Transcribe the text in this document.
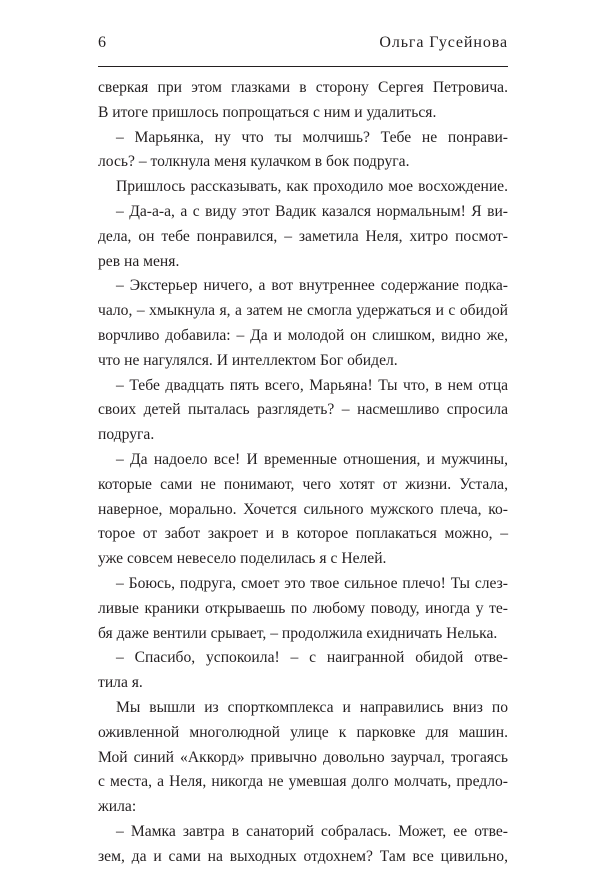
6	Ольга Гусейнова
сверкая при этом глазками в сторону Сергея Петровича.
В итоге пришлось попрощаться с ним и удалиться.
– Марьянка, ну что ты молчишь? Тебе не понрави-
лось? – толкнула меня кулачком в бок подруга.
Пришлось рассказывать, как проходило мое восхождение.
– Да-а-а, а с виду этот Вадик казался нормальным! Я ви-
дела, он тебе понравился, – заметила Неля, хитро посмот-
рев на меня.
– Экстерьер ничего, а вот внутреннее содержание подка-
чало, – хмыкнула я, а затем не смогла удержаться и с обидой
ворчливо добавила: – Да и молодой он слишком, видно же,
что не нагулялся. И интеллектом Бог обидел.
– Тебе двадцать пять всего, Марьяна! Ты что, в нем отца
своих детей пыталась разглядеть? – насмешливо спросила
подруга.
– Да надоело все! И временные отношения, и мужчины,
которые сами не понимают, чего хотят от жизни. Устала,
наверное, морально. Хочется сильного мужского плеча, ко-
торое от забот закроет и в которое поплакаться можно, –
уже совсем невесело поделилась я с Нелей.
– Боюсь, подруга, смоет это твое сильное плечо! Ты слез-
ливые краники открываешь по любому поводу, иногда у те-
бя даже вентили срывает, – продолжила ехидничать Нелька.
– Спасибо, успокоила! – с наигранной обидой отве-
тила я.
Мы вышли из спорткомплекса и направились вниз по
оживленной многолюдной улице к парковке для машин.
Мой синий «Аккорд» привычно довольно заурчал, трогаясь
с места, а Неля, никогда не умевшая долго молчать, предло-
жила:
– Мамка завтра в санаторий собралась. Может, ее отве-
зем, да и сами на выходных отдохнем? Там все цивильно,
